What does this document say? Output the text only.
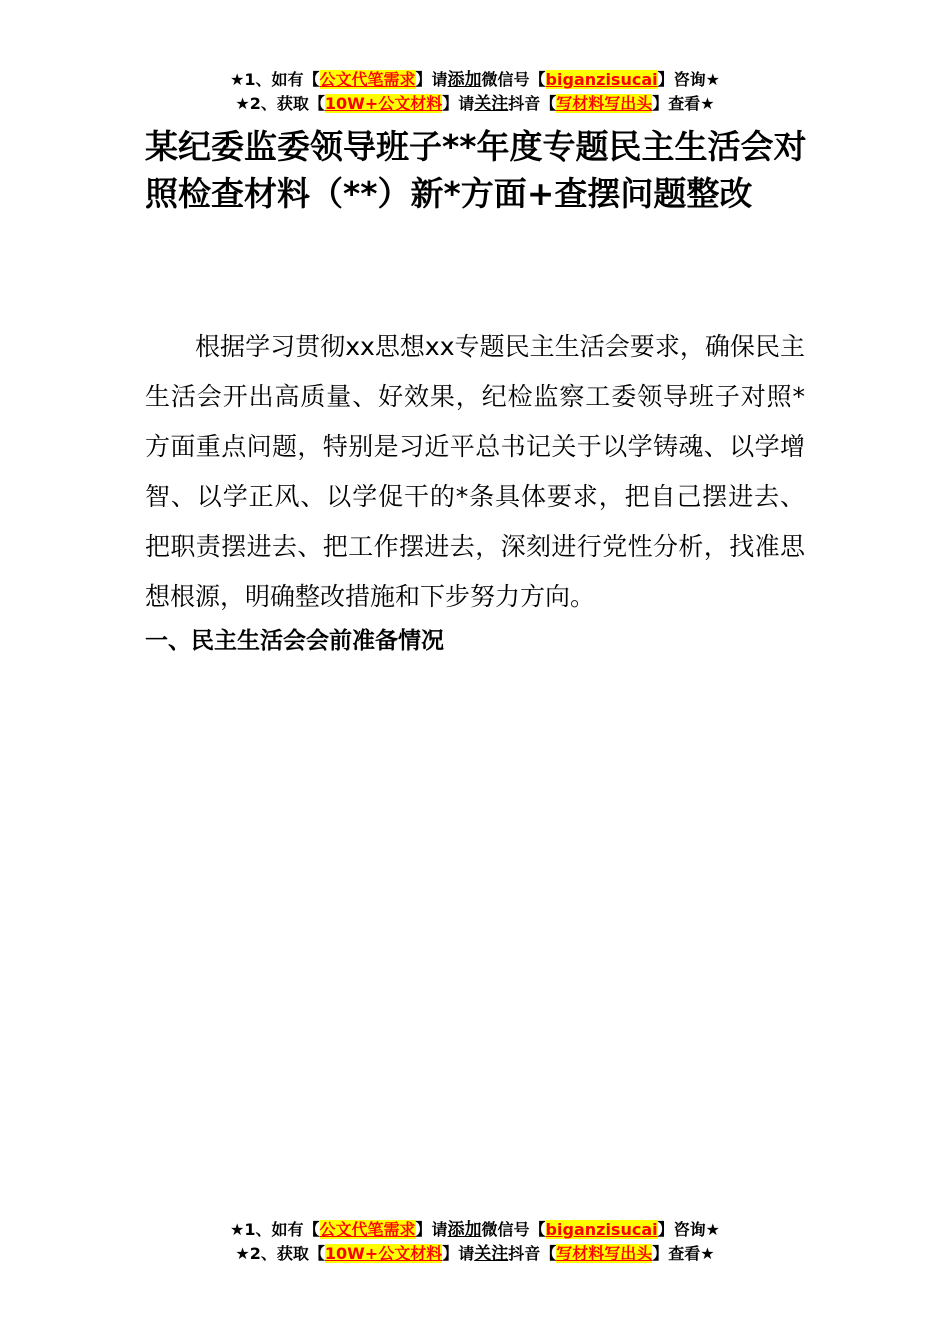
★1、如有【公文代笔需求】请添加微信号【biganzisucai】咨询★
★2、获取【10W+公文材料】请关注抖音【写材料写出头】查看★
某纪委监委领导班子**年度专题民主生活会对照检查材料（**）新*方面+查摆问题整改

根据学习贯彻xx思想xx专题民主生活会要求，确保民主生活会开出高质量、好效果，纪检监察工委领导班子对照*方面重点问题，特别是习近平总书记关于以学铸魂、以学增智、以学正风、以学促干的*条具体要求，把自己摆进去、把职责摆进去、把工作摆进去，深刻进行党性分析，找准思想根源，明确整改措施和下步努力方向。

一、民主生活会会前准备情况
★1、如有【公文代笔需求】请添加微信号【biganzisucai】咨询★
★2、获取【10W+公文材料】请关注抖音【写材料写出头】查看★
